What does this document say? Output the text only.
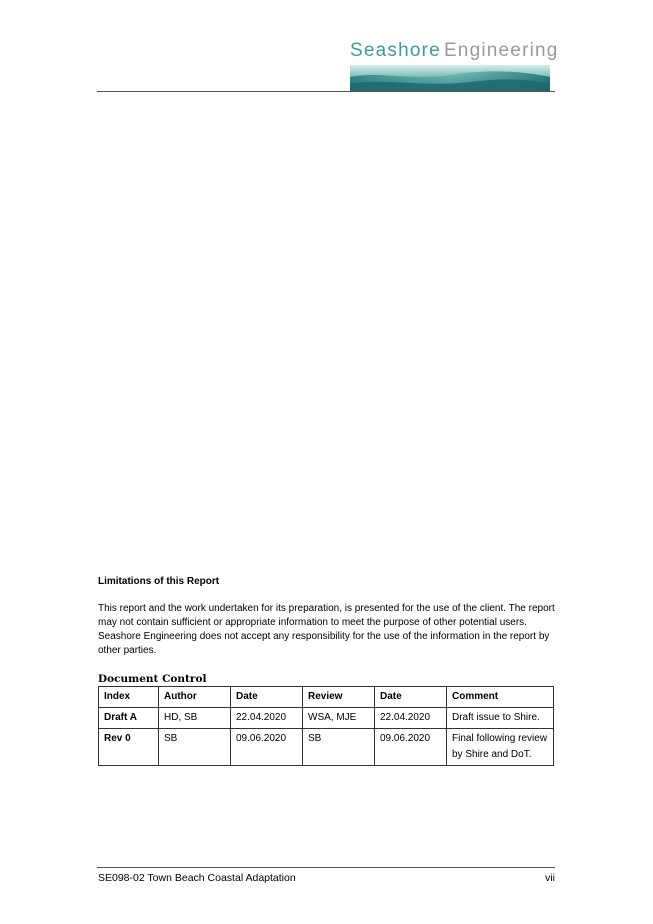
Seashore Engineering
Limitations of this Report
This report and the work undertaken for its preparation, is presented for the use of the client. The report may not contain sufficient or appropriate information to meet the purpose of other potential users. Seashore Engineering does not accept any responsibility for the use of the information in the report by other parties.
Document Control
Index	Author	Date	Review	Date	Comment
Draft A	HD, SB	22.04.2020	WSA, MJE	22.04.2020	Draft issue to Shire.
Rev 0	SB	09.06.2020	SB	09.06.2020	Final following review by Shire and DoT.
SE098-02 Town Beach Coastal Adaptation	vii
